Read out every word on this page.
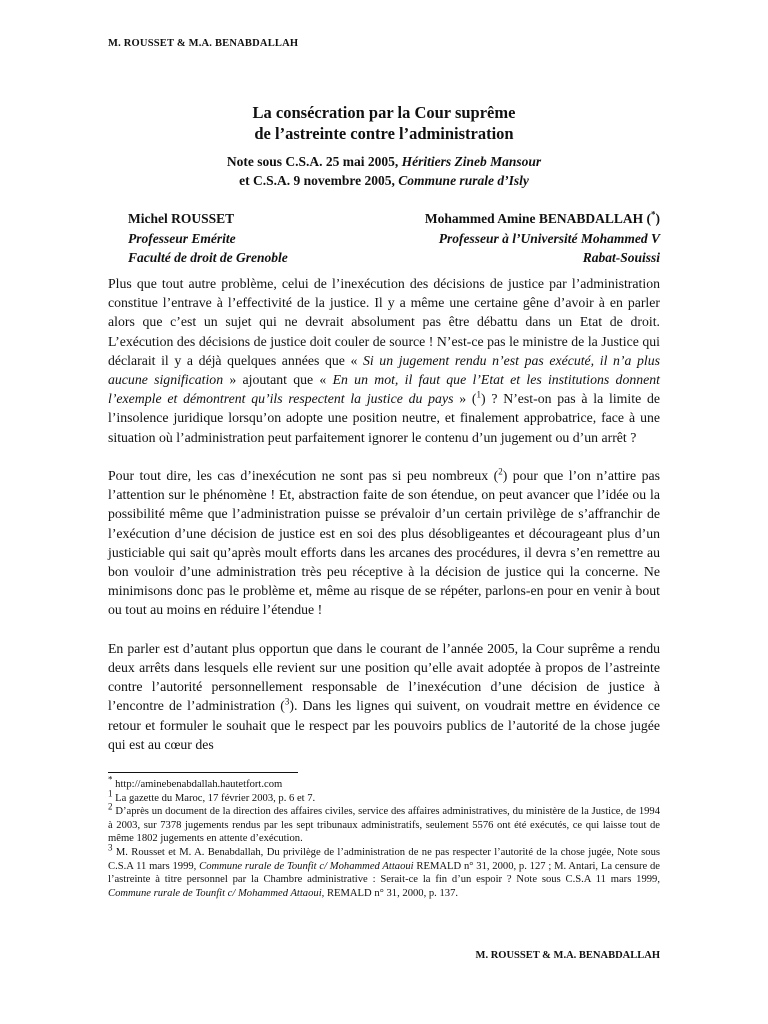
M. ROUSSET & M.A. BENABDALLAH
La consécration par la Cour suprême
de l’astreinte contre l’administration
Note sous C.S.A. 25 mai 2005, Héritiers Zineb Mansour
et C.S.A. 9 novembre 2005, Commune rurale d’Isly
Michel ROUSSET
Professeur Emérite
Faculté de droit de Grenoble
Mohammed Amine BENABDALLAH (*)
Professeur à l’Université Mohammed V
Rabat-Souissi

Plus que tout autre problème, celui de l’inexécution des décisions de justice par l’administration constitue l’entrave à l’effectivité de la justice. Il y a même une certaine gêne d’avoir à en parler alors que c’est un sujet qui ne devrait absolument pas être débattu dans un Etat de droit. L’exécution des décisions de justice doit couler de source ! N’est-ce pas le ministre de la Justice qui déclarait il y a déjà quelques années que « Si un jugement rendu n’est pas exécuté, il n’a plus aucune signification » ajoutant que « En un mot, il faut que l’Etat et les institutions donnent l’exemple et démontrent qu’ils respectent la justice du pays » ($^1$) ? N’est-on pas à la limite de l’insolence juridique lorsqu’on adopte une position neutre, et finalement approbatrice, face à une situation où l’administration peut parfaitement ignorer le contenu d’un jugement ou d’un arrêt ?

Pour tout dire, les cas d’inexécution ne sont pas si peu nombreux ($^2$) pour que l’on n’attire pas l’attention sur le phénomène ! Et, abstraction faite de son étendue, on peut avancer que l’idée ou la possibilité même que l’administration puisse se prévaloir d’un certain privilège de s’affranchir de l’exécution d’une décision de justice est en soi des plus désobligeantes et décourageant plus d’un justiciable qui sait qu’après moult efforts dans les arcanes des procédures, il devra s’en remettre au bon vouloir d’une administration très peu réceptive à la décision de justice qui la concerne. Ne minimisons donc pas le problème et, même au risque de se répéter, parlons-en pour en venir à bout ou tout au moins en réduire l’étendue !

En parler est d’autant plus opportun que dans le courant de l’année 2005, la Cour suprême a rendu deux arrêts dans lesquels elle revient sur une position qu’elle avait adoptée à propos de l’astreinte contre l’autorité personnellement responsable de l’inexécution d’une décision de justice à l’encontre de l’administration ($^3$). Dans les lignes qui suivent, on voudrait mettre en évidence ce retour et formuler le souhait que le respect par les pouvoirs publics de l’autorité de la chose jugée qui est au cœur des

* http://aminebenabdallah.hautetfort.com

$^1$ La gazette du Maroc, 17 février 2003, p. 6 et 7.

$^2$ D’après un document de la direction des affaires civiles, service des affaires administratives, du ministère de la Justice, de 1994 à 2003, sur 7378 jugements rendus par les sept tribunaux administratifs, seulement 5576 ont été exécutés, ce qui laisse tout de même 1802 jugements en attente d’exécution.

$^3$ M. Rousset et M. A. Benabdallah, Du privilège de l’administration de ne pas respecter l’autorité de la chose jugée, Note sous C.S.A 11 mars 1999, Commune rurale de Tounfit c/ Mohammed Attaoui REMALD n° 31, 2000, p. 127 ; M. Antari, La censure de l’astreinte à titre personnel par la Chambre administrative : Serait-ce la fin d’un espoir ? Note sous C.S.A 11 mars 1999, Commune rurale de Tounfit c/ Mohammed Attaoui, REMALD n° 31, 2000, p. 137.

M. ROUSSET & M.A. BENABDALLAH
